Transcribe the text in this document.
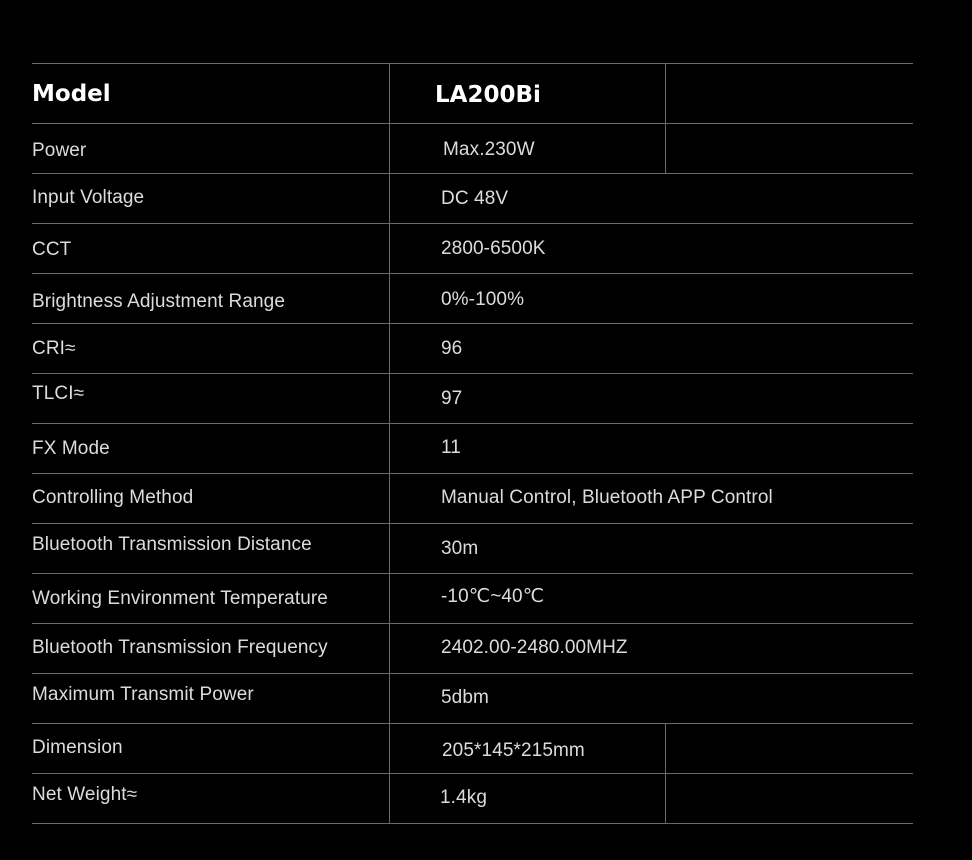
Model	LA200Bi
Power	Max.230W
Input Voltage	DC 48V
CCT	2800-6500K
Brightness Adjustment Range	0%-100%
CRI≈	96
TLCI≈	97
FX Mode	11
Controlling Method	Manual Control, Bluetooth APP Control
Bluetooth Transmission Distance	30m
Working Environment Temperature	-10℃~40℃
Bluetooth Transmission Frequency	2402.00-2480.00MHZ
Maximum Transmit Power	5dbm
Dimension	205*145*215mm
Net Weight≈	1.4kg
